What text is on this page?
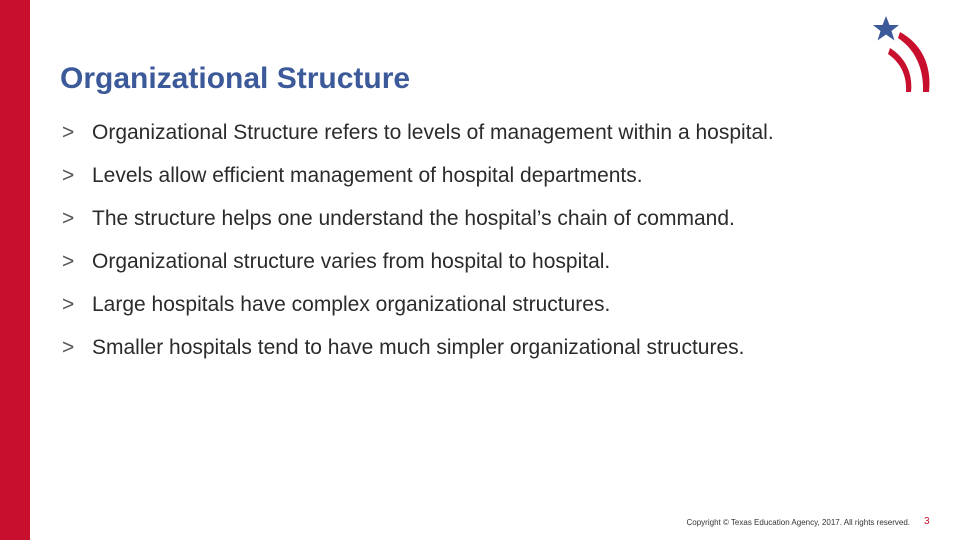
Organizational Structure
> Organizational Structure refers to levels of management within a hospital.
> Levels allow efficient management of hospital departments.
> The structure helps one understand the hospital’s chain of command.
> Organizational structure varies from hospital to hospital.
> Large hospitals have complex organizational structures.
> Smaller hospitals tend to have much simpler organizational structures.
Copyright © Texas Education Agency, 2017. All rights reserved. 3
